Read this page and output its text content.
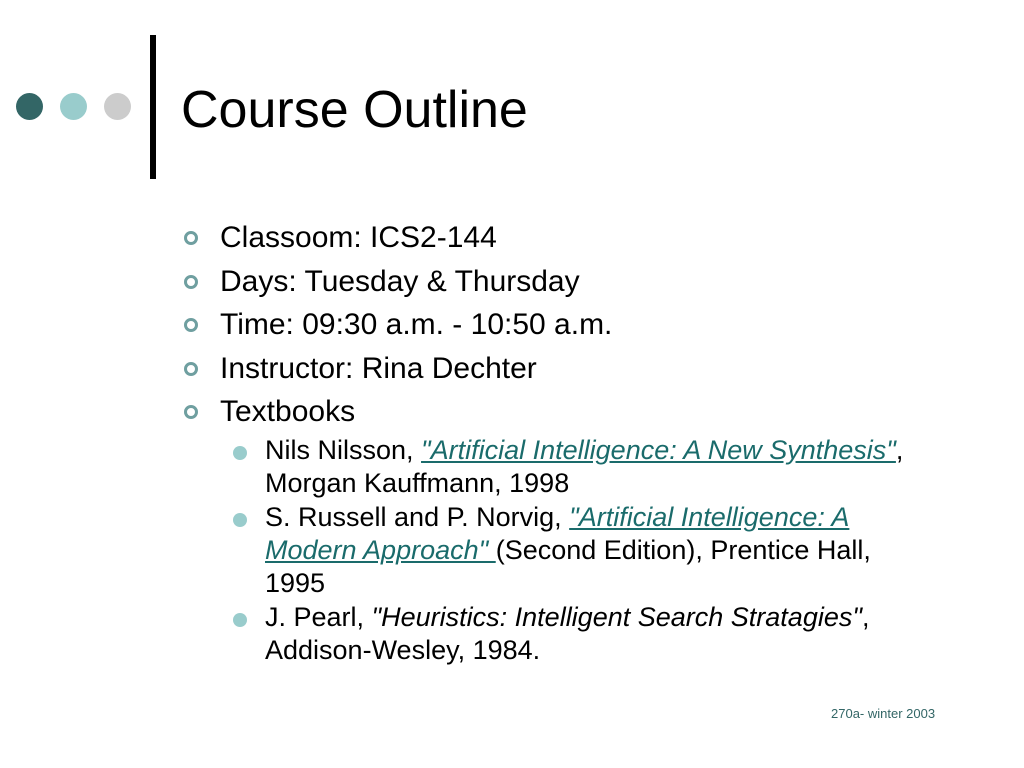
Course Outline
Classoom: ICS2-144
Days: Tuesday & Thursday
Time: 09:30 a.m. - 10:50 a.m.
Instructor: Rina Dechter
Textbooks
Nils Nilsson, "Artificial Intelligence: A New Synthesis", Morgan Kauffmann, 1998
S. Russell and P. Norvig, "Artificial Intelligence: A Modern Approach" (Second Edition), Prentice Hall, 1995
J. Pearl, "Heuristics: Intelligent Search Stratagies", Addison-Wesley, 1984.
270a- winter 2003
